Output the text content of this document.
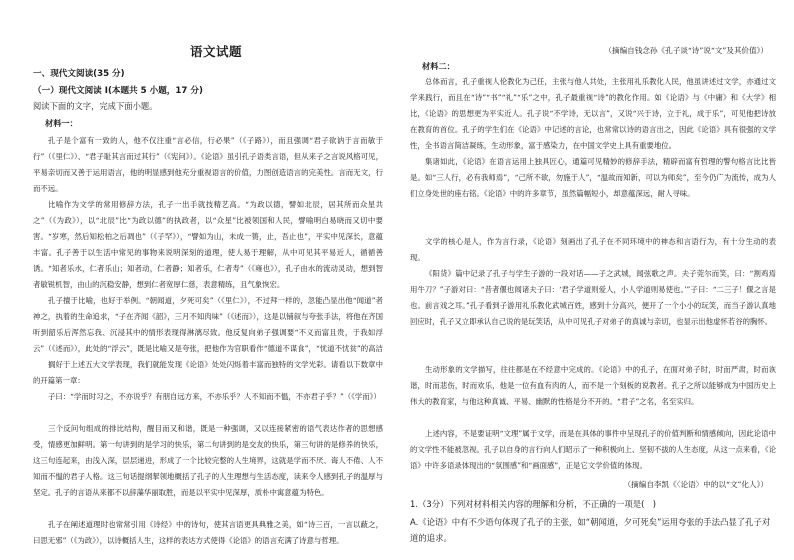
语文试题

一、现代文阅读(35 分)

（一）现代文阅读 I(本题共 5 小题，17 分)

阅读下面的文字，完成下面小题。

材料一：

孔子是个富有一致的人，他不仅注重“言必信，行必果”（《子路》），而且强调“君子欲讷于言而敏于行”（《里仁》）、“君子耻其言而过其行”（《宪问》）。《论语》虽引孔子语类言语，但从来子之言说风格可见，平易亲切而又善于运用语言，他的明显感到他充分重视语言的价值，力图创造语言的完美性。言而无文，行而不远。

比喻作为文学的常用修辞方法，孔子一出手就技精艺高。“为政以德，譬如北辰，居其所而众星共之”（《为政》），以“北辰”比“为政以德”的执政者，以“众星”比被领国和人民，譬喻明白易晓而又切中要害。“岁寒，然后知松柏之后凋也”（《子罕》），“譬如为山，未成一篑，止，吾止也”，平实中见深长，意蕴丰富。孔子善于以生活中常见的事物来说明深刻的道理，使人易于理解，从中可见其平易近人，循循善诱。“知者乐水，仁者乐山；知者动，仁者静；知者乐，仁者寿”（《雍也》），孔子由水的流动灵动，想到智者敏锐机智，由山的沉稳安静，想到仁者宽厚仁慈，表意精练，且气象恢宏。

孔子擅于比喻，也好于举例。“朝闻道，夕死可矣”（《里仁》），不过拜一样的，忽能凸显出他“闻道”者神之，执着的生命追求，“子在齐闻《韶》，三月不知肉味”（《述而》），这是以铺叙与夸张手法，将他在齐国听到韶乐后浑然忘我、沉浸其中的情形表现得淋漓尽致。他反复向弟子强调要“不义而富且贵，于我如浮云”（《述而》），此处的“浮云”，既是比喻又是夸张，把他作为官职看作“德道不谋食”，“忧道不忧贫”的高洁

搁好于上述五大文学表现，我们就能发现《论语》处处闪烁着丰富而独特的文学光彩。请看以下数章中的开篇第一章：

子曰：“学而时习之，不亦说乎？有朋自远方来，不亦乐乎？人不知而不愠，不亦君子乎？”（《学而》）

三个反问句组成的排比结构，醒目而又和谐，既是一种强调，又以连接紧密的语气表达作者的思想感受，情感更加鲜明。第一句讲到的是学习的快乐，第二句讲到的是交友的快乐，第三句讲的是修养的快乐，这三句连起来，由浅入深，层层递进，形成了一个比较完整的人生境界，这就是学而不厌、诲人不倦、人不知而不愠的君子人格。这三句话提纲挈领地概括了孔子的人生理想与生活态度，读来令人感到孔子的温厚与坚定。孔子的言语从来都不以辞藻华丽取胜，而是以平实中见深厚，质朴中寓意蕴为特色。

孔子在阐述道理时也常常引用《诗经》中的诗句，使其言语更具典雅之美，如“诗三百，一言以蔽之，曰思无邪”（《为政》），以诗概括人生，这样的表达方式使得《论语》的语言充满了诗意与哲理。

（摘编自钱念孙《孔子谈“诗”说“文”及其价值》）

材料二：

总体而言，孔子重视人伦教化为己任，主张与他人共处，主张用礼乐教化人民，他虽讲述过文学，亦通过文学来践行，而且在“诗”“书”“礼”“乐”之中，孔子最重视“诗”的教化作用。如《论语》与《中庸》和《大学》相比，《论语》的思想更为平实近人。孔子说“不学诗，无以言”，又说“兴于诗，立于礼，成于乐”，可见他把诗放在教育的首位。孔子的学生们在《论语》中记述的言论，也常常以诗的语言出之，因此《论语》具有很强的文学性，全书语言简洁凝练，生动形象，富于感染力，在中国文学史上具有重要地位。

集诸如此，《论语》在语言运用上独具匠心，通篇可见精妙的修辞手法，精辟而富有哲理的警句格言比比皆是。如“三人行，必有我师焉”，“己所不欲，勿施于人”，“温故而知新，可以为师矣”，至今仍广为流传，成为人们立身处世的座右铭。《论语》中的许多章节，虽然篇幅短小，却意蕴深远，耐人寻味。

文学的核心是人，作为言行录，《论语》刻画出了孔子在不同环境中的神态和言语行为，有十分生动的表现。

《阳货》篇中记录了孔子与学生子游的一段对话——子之武城，闻弦歌之声。夫子莞尔而笑，曰：“割鸡焉用牛刀？”子游对曰：“昔者偃也闻诸夫子曰：‘君子学道则爱人，小人学道则易使也。’”子曰：“二三子！偃之言是也。前言戏之耳。”孔子看到子游用礼乐教化武城百姓，感到十分高兴，便开了一个小小的玩笑，而当子游认真地回应时，孔子又立即承认自己说的是玩笑话，从中可见孔子对弟子的真诚与亲切，也显示出他虚怀若谷的胸怀。

生动形象的文学描写，往往都是在不经意中完成的。《论语》中的孔子，在面对弟子时，时而严肃，时而诙谐，时而悲伤，时而欢乐，他是一位有血有肉的人，而不是一个刻板的说教者。孔子之所以能够成为中国历史上伟大的教育家，与他这种真诚、平易、幽默的性格是分不开的。“君子”之名，名至实归。

上述内容，不是要证明“文理”属于文学，而是在具体的事件中呈现孔子的价值判断和情感倾向，因此论语中的文学性不能被忽视。孔子以自身的言行向人们昭示了一种积极向上、坚韧不拔的人生态度，从这一点来看，《论语》中许多语录体现出的“氛围感”和“画面感”，正是它文学价值的体现。

（摘编自李凯《〈论语〉中的以“文”化人》）

1.（3分）下列对材料相关内容的理解和分析，不正确的一项是(　)

A.《论语》中有不少语句体现了孔子的主张，如“朝闻道，夕可死矣”运用夸张的手法凸显了孔子对道的追求。
